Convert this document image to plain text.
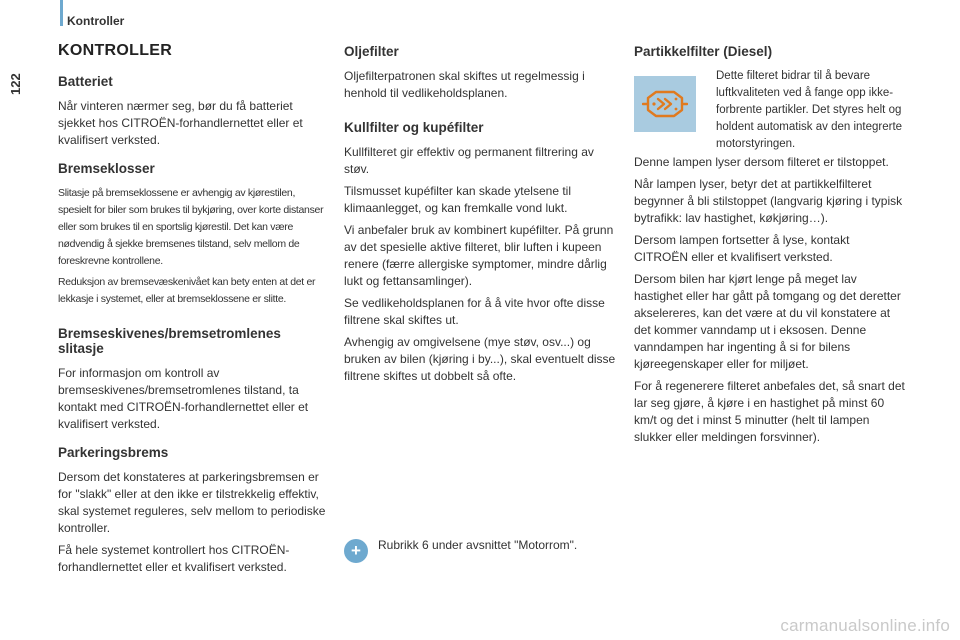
Kontroller
122
KONTROLLER
Batteriet

Når vinteren nærmer seg, bør du få batteriet sjekket hos CITROËN-forhandlernettet eller et kvalifisert verksted.

Bremseklosser

Slitasje på bremseklossene er avhengig av kjørestilen, spesielt for biler som brukes til bykjøring, over korte distanser eller som brukes til en sportslig kjørestil. Det kan være nødvendig å sjekke bremsenes tilstand, selv mellom de foreskrevne kontrollene.

Reduksjon av bremsevæskenivået kan bety enten at det er lekkasje i systemet, eller at bremseklossene er slitte.

Bremseskivenes/bremsetromlenes slitasje

For informasjon om kontroll av bremseskivenes/bremsetromlenes tilstand, ta kontakt med CITROËN-forhandlernettet eller et kvalifisert verksted.

Parkeringsbrems

Dersom det konstateres at parkeringsbremsen er for "slakk" eller at den ikke er tilstrekkelig effektiv, skal systemet reguleres, selv mellom to periodiske kontroller.

Få hele systemet kontrollert hos CITROËN-forhandlernettet eller et kvalifisert verksted.

Oljefilter

Oljefilterpatronen skal skiftes ut regelmessig i henhold til vedlikeholdsplanen.

Kullfilter og kupéfilter

Kullfilteret gir effektiv og permanent filtrering av støv.

Tilsmusset kupéfilter kan skade ytelsene til klimaanlegget, og kan fremkalle vond lukt.

Vi anbefaler bruk av kombinert kupéfilter. På grunn av det spesielle aktive filteret, blir luften i kupeen renere (færre allergiske symptomer, mindre dårlig lukt og fettansamlinger).

Se vedlikeholdsplanen for å å vite hvor ofte disse filtrene skal skiftes ut.

Avhengig av omgivelsene (mye støv, osv...) og bruken av bilen (kjøring i by...), skal eventuelt disse filtrene skiftes ut dobbelt så ofte.

+	Rubrikk 6 under avsnittet "Motorrom".
Partikkelfilter (Diesel)
Dette filteret bidrar til å bevare luftkvaliteten ved å fange opp ikke-forbrente partikler. Det styres helt og holdent automatisk av den integrerte motorstyringen.

Denne lampen lyser dersom filteret er tilstoppet.

Når lampen lyser, betyr det at partikkelfilteret begynner å bli stilstoppet (langvarig kjøring i typisk bytrafikk: lav hastighet, køkjøring…).

Dersom lampen fortsetter å lyse, kontakt CITROËN eller et kvalifisert verksted.

Dersom bilen har kjørt lenge på meget lav hastighet eller har gått på tomgang og det deretter akselereres, kan det være at du vil konstatere at det kommer vanndamp ut i eksosen. Denne vanndampen har ingenting å si for bilens kjøreegenskaper eller for miljøet.

For å regenerere filteret anbefales det, så snart det lar seg gjøre, å kjøre i en hastighet på minst 60 km/t og det i minst 5 minutter (helt til lampen slukker eller meldingen forsvinner).

carmanualsonline.info
